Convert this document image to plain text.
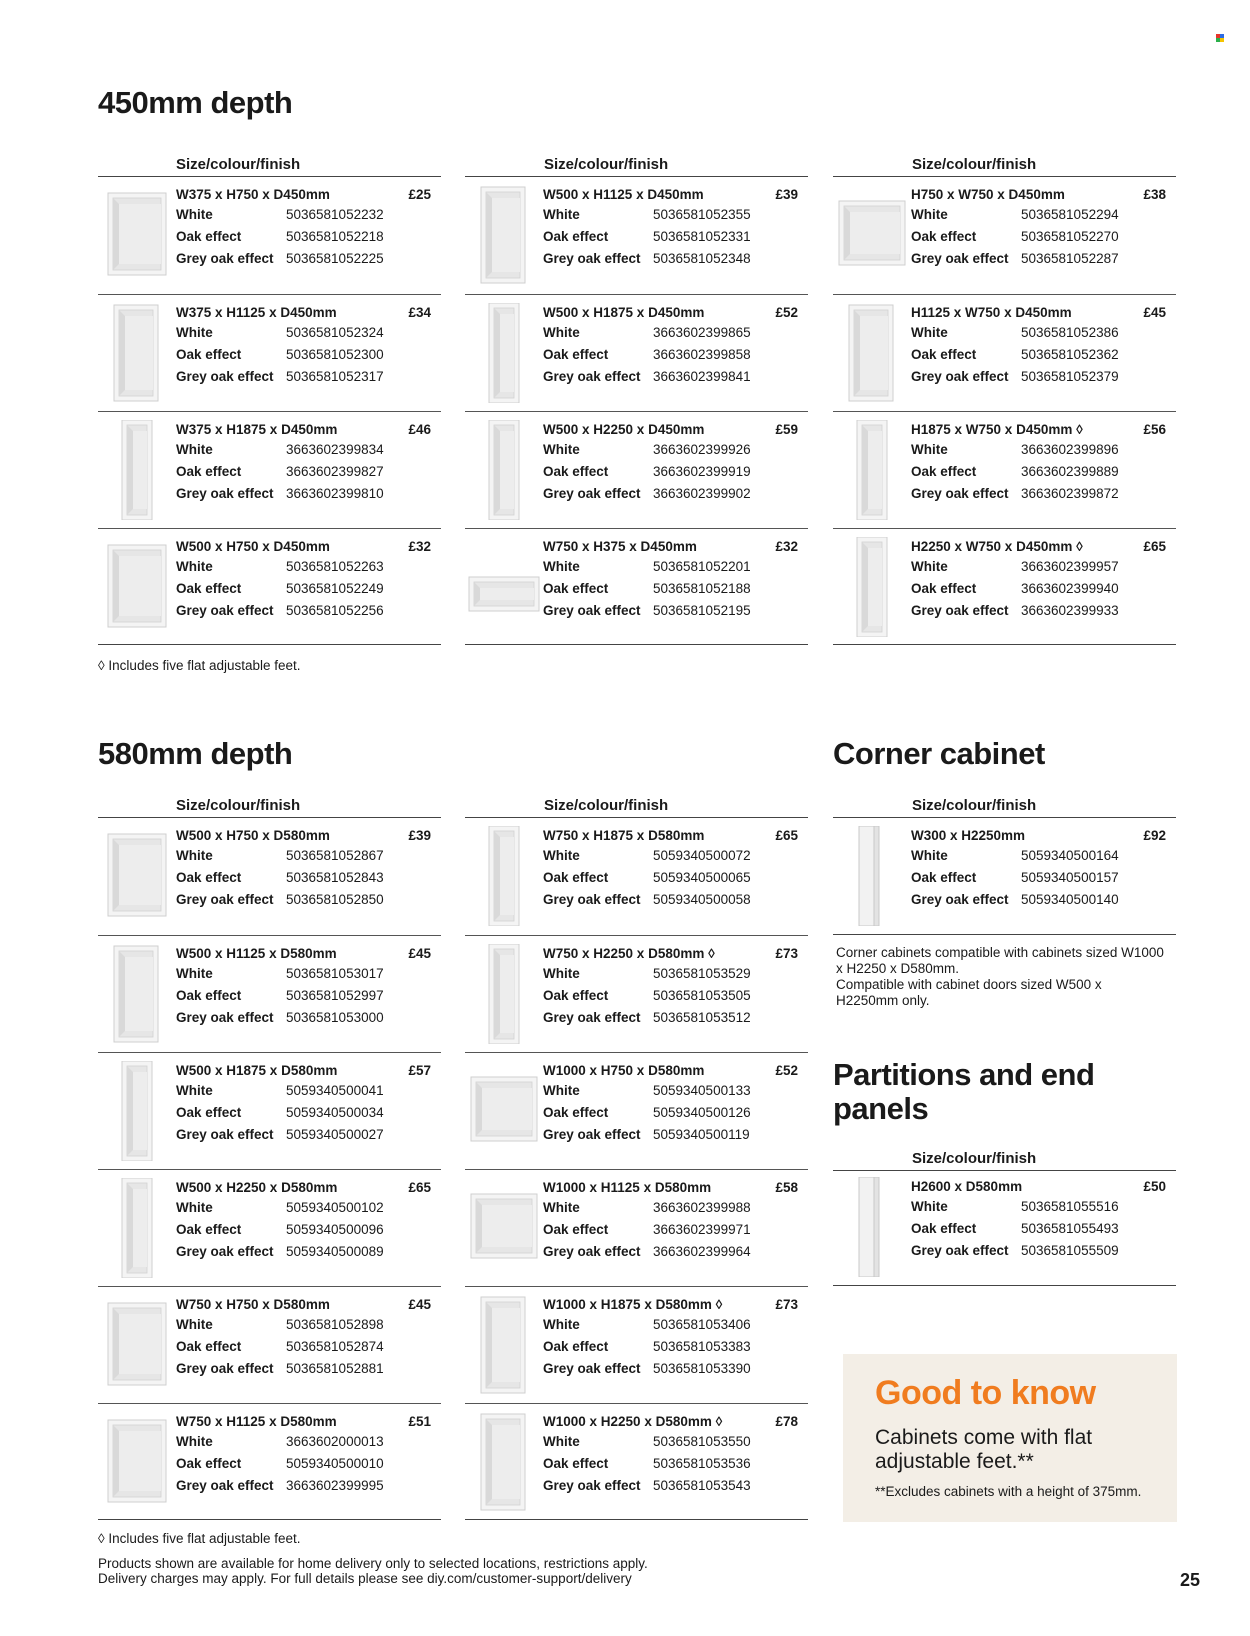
450mm depth
Size/colour/finish	Size/colour/finish	Size/colour/finish
W375 x H750 x D450mm	£25
White	5036581052232
Oak effect	5036581052218
Grey oak effect 5036581052225
W500 x H1125 x D450mm	£39
White	5036581052355
Oak effect	5036581052331
Grey oak effect 5036581052348
H750 x W750 x D450mm	£38
White	5036581052294
Oak effect	5036581052270
Grey oak effect 5036581052287
W375 x H1125 x D450mm	£34
White	5036581052324
Oak effect	5036581052300
Grey oak effect 5036581052317
W500 x H1875 x D450mm	£52
White	3663602399865
Oak effect	3663602399858
Grey oak effect 3663602399841
H1125 x W750 x D450mm	£45
White	5036581052386
Oak effect	5036581052362
Grey oak effect 5036581052379
W375 x H1875 x D450mm	£46
White	3663602399834
Oak effect	3663602399827
Grey oak effect 3663602399810
W500 x H2250 x D450mm	£59
White	3663602399926
Oak effect	3663602399919
Grey oak effect 3663602399902
H1875 x W750 x D450mm ◊	£56
White	3663602399896
Oak effect	3663602399889
Grey oak effect 3663602399872
W500 x H750 x D450mm	£32
White	5036581052263
Oak effect	5036581052249
Grey oak effect 5036581052256
W750 x H375 x D450mm	£32
White	5036581052201
Oak effect	5036581052188
Grey oak effect 5036581052195
H2250 x W750 x D450mm ◊	£65
White	3663602399957
Oak effect	3663602399940
Grey oak effect 3663602399933
◊ Includes five flat adjustable feet.
580mm depth	Corner cabinet
Size/colour/finish	Size/colour/finish	Size/colour/finish
W500 x H750 x D580mm	£39
White	5036581052867
Oak effect	5036581052843
Grey oak effect 5036581052850
W750 x H1875 x D580mm	£65
White	5059340500072
Oak effect	5059340500065
Grey oak effect 5059340500058
W300 x H2250mm	£92
White	5059340500164
Oak effect	5059340500157
Grey oak effect 5059340500140
W500 x H1125 x D580mm	£45
White	5036581053017
Oak effect	5036581052997
Grey oak effect 5036581053000
W750 x H2250 x D580mm ◊	£73
White	5036581053529
Oak effect	5036581053505
Grey oak effect 5036581053512
W500 x H1875 x D580mm	£57
White	5059340500041
Oak effect	5059340500034
Grey oak effect 5059340500027
W1000 x H750 x D580mm	£52
White	5059340500133
Oak effect	5059340500126
Grey oak effect 5059340500119
W500 x H2250 x D580mm	£65
White	5059340500102
Oak effect	5059340500096
Grey oak effect 5059340500089
W1000 x H1125 x D580mm	£58
White	3663602399988
Oak effect	3663602399971
Grey oak effect 3663602399964
H2600 x D580mm	£50
White	5036581055516
Oak effect	5036581055493
Grey oak effect 5036581055509
W750 x H750 x D580mm	£45
White	5036581052898
Oak effect	5036581052874
Grey oak effect 5036581052881
W1000 x H1875 x D580mm ◊	£73
White	5036581053406
Oak effect	5036581053383
Grey oak effect 5036581053390
W750 x H1125 x D580mm	£51
White	3663602000013
Oak effect	5059340500010
Grey oak effect 3663602399995
W1000 x H2250 x D580mm ◊	£78
White	5036581053550
Oak effect	5036581053536
Grey oak effect 5036581053543

Corner cabinets compatible with cabinets sized W1000 x H2250 x D580mm.

Compatible with cabinet doors sized W500 x H2250mm only.

Partitions and end panels
Size/colour/finish
Good to know
Cabinets come with flat adjustable feet.**
**Excludes cabinets with a height of 375mm.
◊ Includes five flat adjustable feet.
Products shown are available for home delivery only to selected locations, restrictions apply.
Delivery charges may apply. For full details please see diy.com/customer-support/delivery	25
